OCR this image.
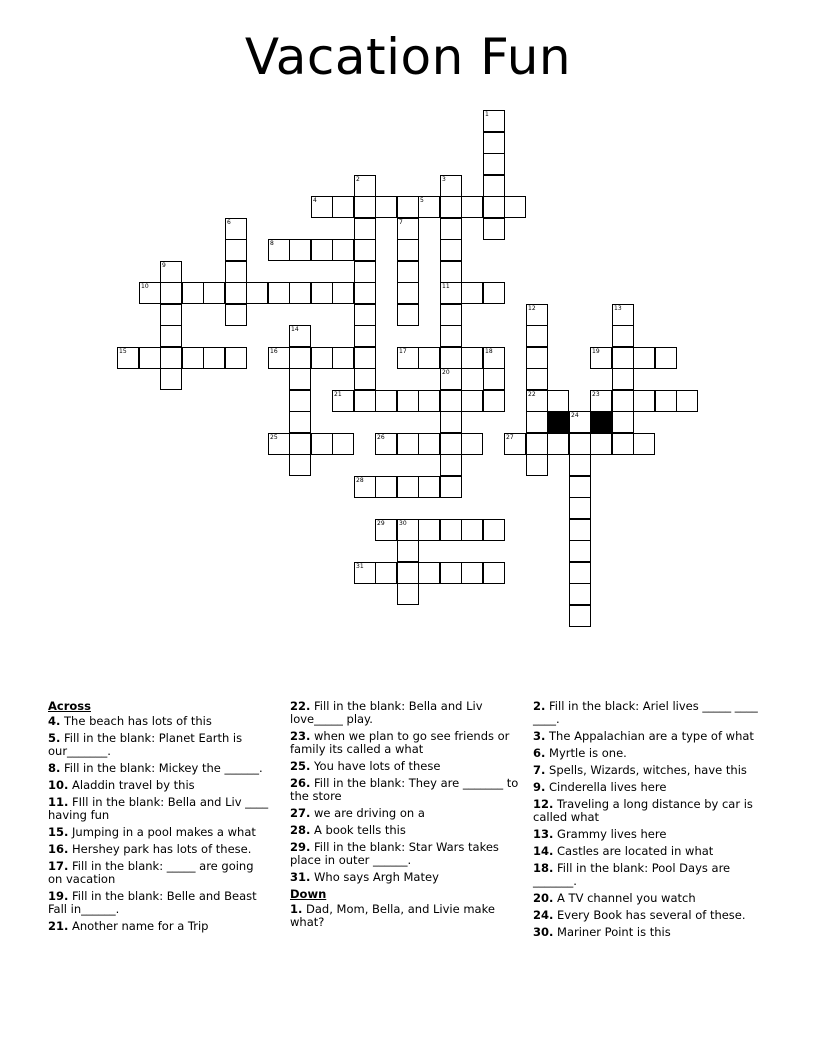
Vacation Fun
1
2	3
4	5
6	7
8
9
10	11
12	13
14
15	16	17	18	19
20
21	22	23
24
25	26	27
28
29 30
31
Across
4. The beach has lots of this
5. Fill in the blank: Planet Earth is our_______.
8. Fill in the blank: Mickey the ______.
10. Aladdin travel by this
11. FIll in the blank: Bella and Liv ____ having fun
15. Jumping in a pool makes a what
16. Hershey park has lots of these.
17. Fill in the blank: _____ are going on vacation
19. Fill in the blank: Belle and Beast Fall in______.
21. Another name for a Trip
22. Fill in the blank: Bella and Liv love_____ play.
23. when we plan to go see friends or family its called a what
25. You have lots of these
26. Fill in the blank: They are _______ to the store
27. we are driving on a
28. A book tells this
29. Fill in the blank: Star Wars takes place in outer ______.
31. Who says Argh Matey
Down
1. Dad, Mom, Bella, and Livie make what?
2. Fill in the black: Ariel lives _____ ____ ____.
3. The Appalachian are a type of what
6. Myrtle is one.
7. Spells, Wizards, witches, have this
9. Cinderella lives here
12. Traveling a long distance by car is called what
13. Grammy lives here
14. Castles are located in what
18. Fill in the blank: Pool Days are _______.
20. A TV channel you watch
24. Every Book has several of these.
30. Mariner Point is this
